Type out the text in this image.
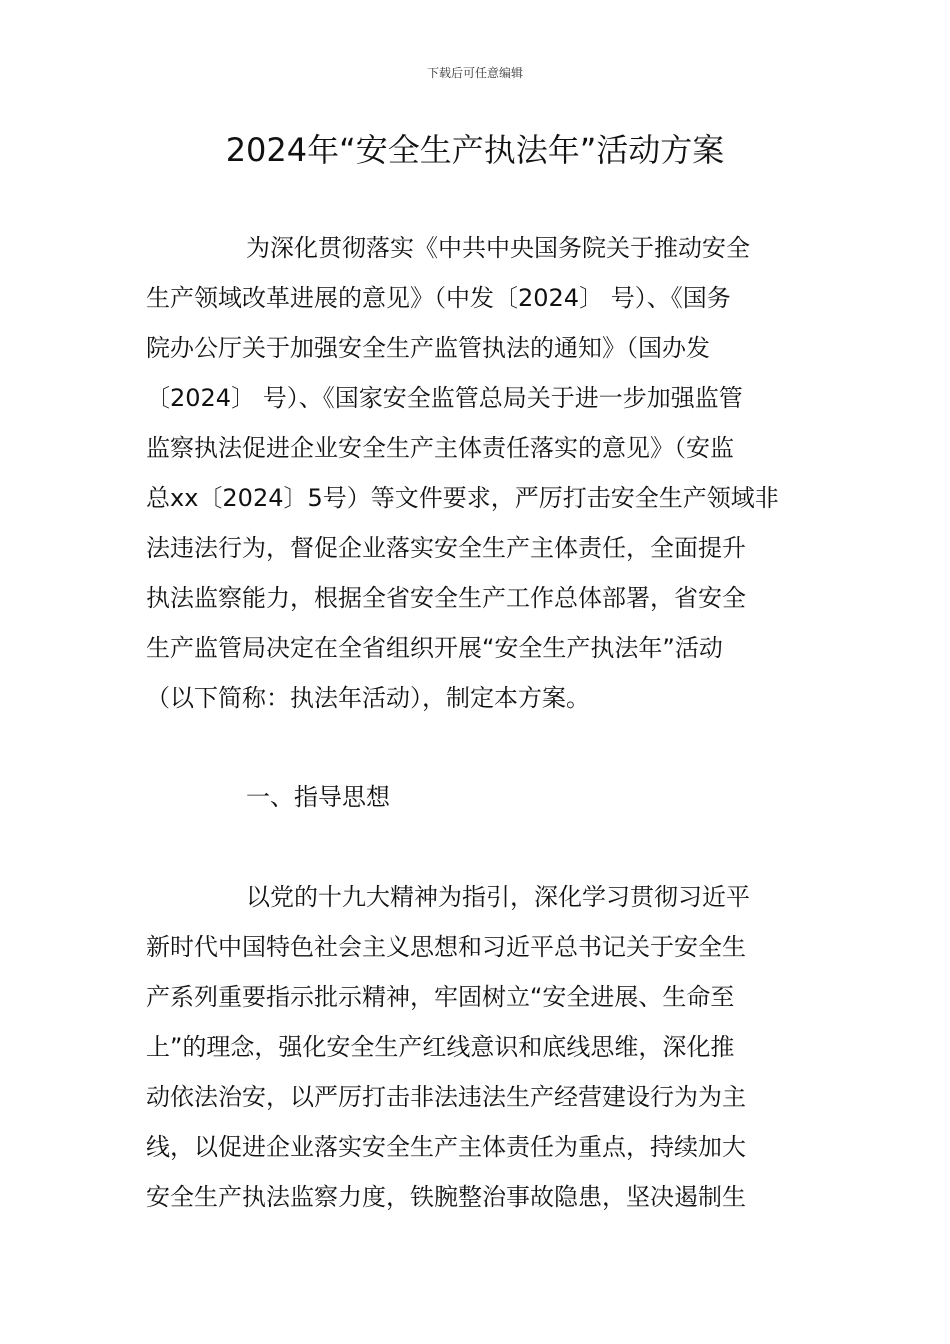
下载后可任意编辑
2024年“安全生产执法年”活动方案

为深化贯彻落实《中共中央国务院关于推动安全
生产领域改革进展的意见》（中发〔2024〕 号）、《国务
院办公厅关于加强安全生产监管执法的通知》（国办发
〔2024〕 号）、《国家安全监管总局关于进一步加强监管
监察执法促进企业安全生产主体责任落实的意见》（安监
总xx〔2024〕5号）等文件要求，严厉打击安全生产领域非
法违法行为，督促企业落实安全生产主体责任，全面提升
执法监察能力，根据全省安全生产工作总体部署，省安全
生产监管局决定在全省组织开展“安全生产执法年”活动
（以下简称：执法年活动），制定本方案。

一、指导思想

以党的十九大精神为指引，深化学习贯彻习近平
新时代中国特色社会主义思想和习近平总书记关于安全生
产系列重要指示批示精神，牢固树立“安全进展、生命至
上”的理念，强化安全生产红线意识和底线思维，深化推
动依法治安，以严厉打击非法违法生产经营建设行为为主
线，以促进企业落实安全生产主体责任为重点，持续加大
安全生产执法监察力度，铁腕整治事故隐患，坚决遏制生
